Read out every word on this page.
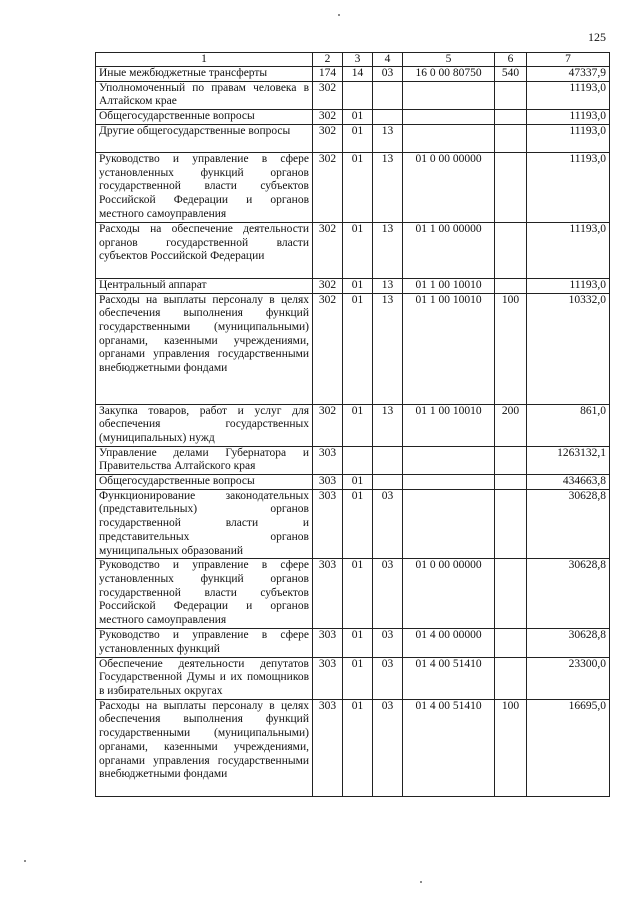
125
1	2	3	4	5	6	7
Иные межбюджетные трансферты	174	14	03	16 0 00 80750	540	47337,9
Уполномоченный по правам человека в Алтайском крае	302					11193,0
Общегосударственные вопросы	302	01				11193,0
Другие общегосударственные вопросы	302	01	13			11193,0
Руководство и управление в сфере установленных функций органов государственной власти субъектов Российской Федерации и органов местного самоуправления	302	01	13	01 0 00 00000		11193,0
Расходы на обеспечение деятельности органов государственной власти субъектов Российской Федерации	302	01	13	01 1 00 00000		11193,0
Центральный аппарат	302	01	13	01 1 00 10010		11193,0
Расходы на выплаты персоналу в целях обеспечения выполнения функций государственными (муниципальными) органами, казенными учреждениями, органами управления государственными внебюджетными фондами	302	01	13	01 1 00 10010	100	10332,0
Закупка товаров, работ и услуг для обеспечения государственных (муниципальных) нужд	302	01	13	01 1 00 10010	200	861,0
Управление делами Губернатора и Правительства Алтайского края	303					1263132,1
Общегосударственные вопросы	303	01				434663,8
Функционирование законодательных (представительных) органов государственной власти и представительных органов муниципальных образований	303	01	03			30628,8
Руководство и управление в сфере установленных функций органов государственной власти субъектов Российской Федерации и органов местного самоуправления	303	01	03	01 0 00 00000		30628,8
Руководство и управление в сфере установленных функций	303	01	03	01 4 00 00000		30628,8
Обеспечение деятельности депутатов Государственной Думы и их помощников в избирательных округах	303	01	03	01 4 00 51410		23300,0
Расходы на выплаты персоналу в целях обеспечения выполнения функций государственными (муниципальными) органами, казенными учреждениями, органами управления государственными внебюджетными фондами	303	01	03	01 4 00 51410	100	16695,0
